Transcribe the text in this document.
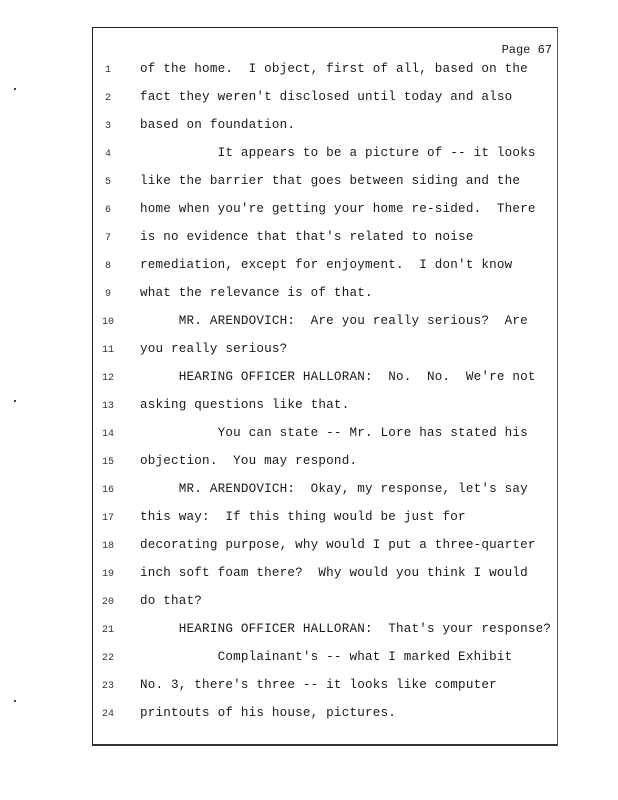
Page 67
1	of the home.  I object, first of all, based on the
2	fact they weren't disclosed until today and also
3	based on foundation.
4	It appears to be a picture of -- it looks
5	like the barrier that goes between siding and the
6	home when you're getting your home re-sided.  There
7	is no evidence that that's related to noise
8	remediation, except for enjoyment.  I don't know
9	what the relevance is of that.
10	MR. ARENDOVICH:  Are you really serious?  Are
11	you really serious?
12	HEARING OFFICER HALLORAN:  No.  No.  We're not
13	asking questions like that.
14	You can state -- Mr. Lore has stated his
15	objection.  You may respond.
16	MR. ARENDOVICH:  Okay, my response, let's say
17	this way:  If this thing would be just for
18	decorating purpose, why would I put a three-quarter
19	inch soft foam there?  Why would you think I would
20	do that?
21	HEARING OFFICER HALLORAN:  That's your response?
22	Complainant's -- what I marked Exhibit
23	No. 3, there's three -- it looks like computer
24	printouts of his house, pictures.
